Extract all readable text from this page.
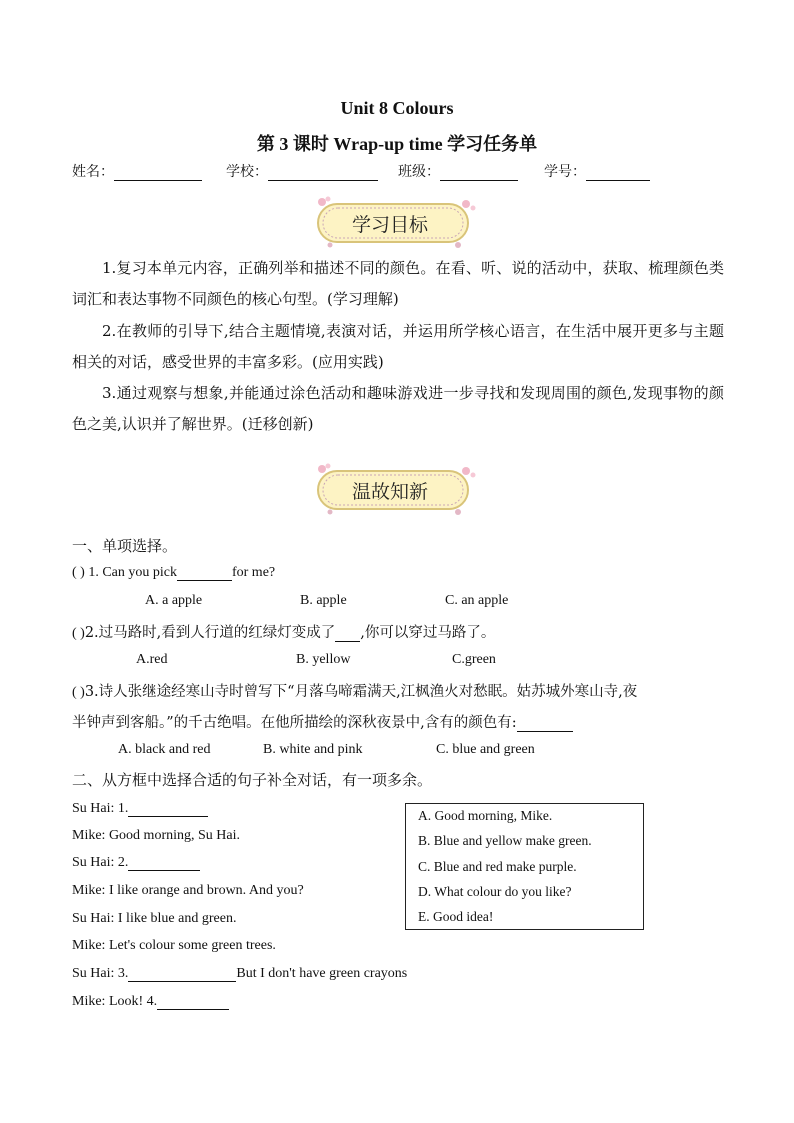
Unit 8 Colours
第 3 课时 Wrap-up time 学习任务单
姓名：	学校：	班级：	学号：
学习目标
1.复习本单元内容，正确列举和描述不同的颜色。在看、听、说的活动中，获取、梳理颜色类词汇和表达事物不同颜色的核心句型。(学习理解)
2.在教师的引导下,结合主题情境,表演对话，并运用所学核心语言，在生活中展开更多与主题相关的对话，感受世界的丰富多彩。(应用实践)
3.通过观察与想象,并能通过涂色活动和趣味游戏进一步寻找和发现周围的颜色,发现事物的颜色之美,认识并了解世界。(迁移创新)
温故知新
一、单项选择。
( ) 1. Can you pick	for me?
A. a apple	B. apple	C. an apple
( )2.过马路时,看到人行道的红绿灯变成了 ,你可以穿过马路了。
A.red	B. yellow	C.green
( )3.诗人张继途经寒山寺时曾写下“月落乌啼霜满天,江枫渔火对愁眠。姑苏城外寒山寺,夜
半钟声到客船。”的千古绝唱。在他所描绘的深秋夜景中,含有的颜色有:
A. black and red	B. white and pink	C. blue and green
二、从方框中选择合适的句子补全对话，有一项多余。
Su Hai: 1.
Mike: Good morning, Su Hai.
Su Hai: 2.
Mike: I like orange and brown. And you?
Su Hai: I like blue and green.
Mike: Let's colour some green trees.
Su Hai: 3.	But I don't have green crayons
Mike: Look! 4.
A. Good morning, Mike.
B. Blue and yellow make green.
C. Blue and red make purple.
D. What colour do you like?
E. Good idea!
